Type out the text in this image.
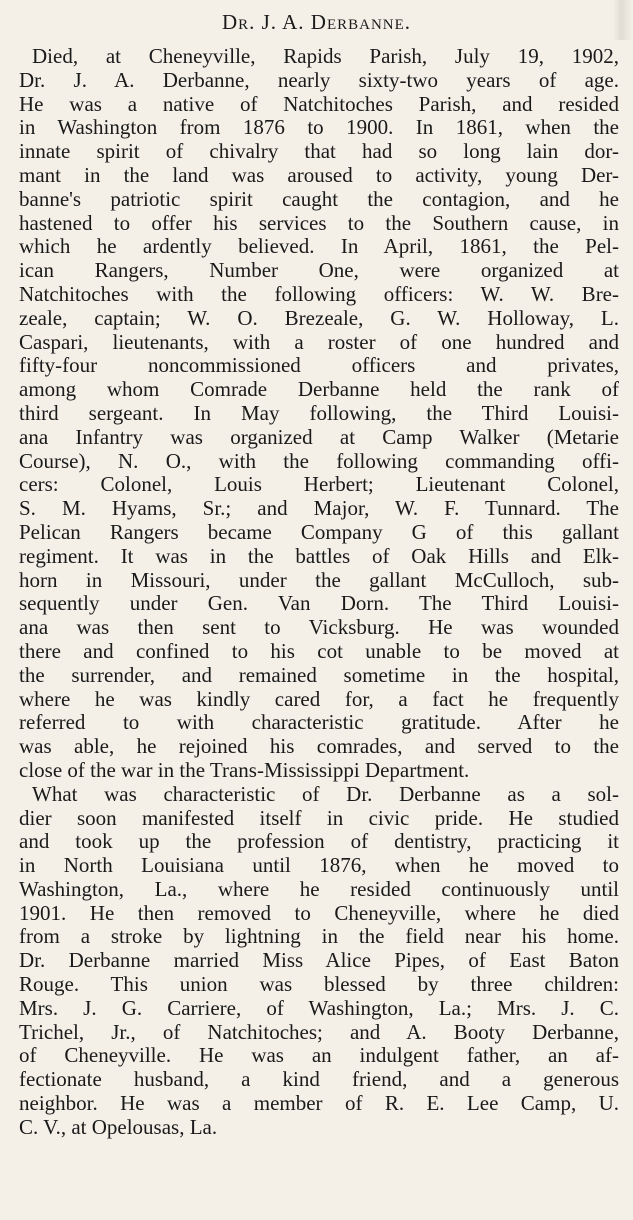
Dr. J. A. Derbanne.
Died, at Cheneyville, Rapids Parish, July 19, 1902,
Dr. J. A. Derbanne, nearly sixty-two years of age.
He was a native of Natchitoches Parish, and resided
in Washington from 1876 to 1900. In 1861, when the
innate spirit of chivalry that had so long lain dor-
mant in the land was aroused to activity, young Der-
banne's patriotic spirit caught the contagion, and he
hastened to offer his services to the Southern cause, in
which he ardently believed. In April, 1861, the Pel-
ican Rangers, Number One, were organized at
Natchitoches with the following officers: W. W. Bre-
zeale, captain; W. O. Brezeale, G. W. Holloway, L.
Caspari, lieutenants, with a roster of one hundred and
fifty-four noncommissioned officers and privates,
among whom Comrade Derbanne held the rank of
third sergeant. In May following, the Third Louisi-
ana Infantry was organized at Camp Walker (Metarie
Course), N. O., with the following commanding offi-
cers: Colonel, Louis Herbert; Lieutenant Colonel,
S. M. Hyams, Sr.; and Major, W. F. Tunnard. The
Pelican Rangers became Company G of this gallant
regiment. It was in the battles of Oak Hills and Elk-
horn in Missouri, under the gallant McCulloch, sub-
sequently under Gen. Van Dorn. The Third Louisi-
ana was then sent to Vicksburg. He was wounded
there and confined to his cot unable to be moved at
the surrender, and remained sometime in the hospital,
where he was kindly cared for, a fact he frequently
referred to with characteristic gratitude. After he
was able, he rejoined his comrades, and served to the
close of the war in the Trans-Mississippi Department.
What was characteristic of Dr. Derbanne as a sol-
dier soon manifested itself in civic pride. He studied
and took up the profession of dentistry, practicing it
in North Louisiana until 1876, when he moved to
Washington, La., where he resided continuously until
1901. He then removed to Cheneyville, where he died
from a stroke by lightning in the field near his home.
Dr. Derbanne married Miss Alice Pipes, of East Baton
Rouge. This union was blessed by three children:
Mrs. J. G. Carriere, of Washington, La.; Mrs. J. C.
Trichel, Jr., of Natchitoches; and A. Booty Derbanne,
of Cheneyville. He was an indulgent father, an af-
fectionate husband, a kind friend, and a generous
neighbor. He was a member of R. E. Lee Camp, U.
C. V., at Opelousas, La.
